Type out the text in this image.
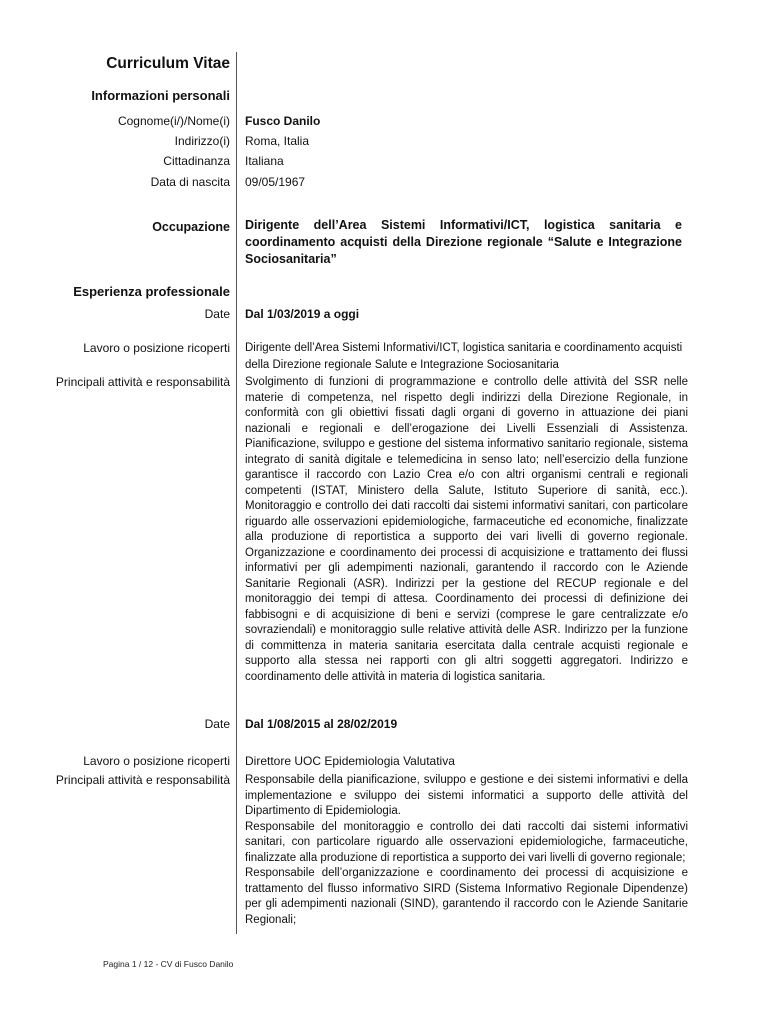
Curriculum Vitae
Informazioni personali
Cognome(i/)/Nome(i) Fusco Danilo
Indirizzo(i) Roma, Italia
Cittadinanza Italiana
Data di nascita 09/05/1967
Occupazione Dirigente dell’Area Sistemi Informativi/ICT, logistica sanitaria e coordinamento acquisti della Direzione regionale “Salute e Integrazione Sociosanitaria”
Esperienza professionale
Date Dal 1/03/2019 a oggi
Lavoro o posizione ricoperti Dirigente dell’Area Sistemi Informativi/ICT, logistica sanitaria e coordinamento acquisti della Direzione regionale Salute e Integrazione Sociosanitaria
Principali attività e responsabilità Svolgimento di funzioni di programmazione e controllo delle attività del SSR nelle materie di competenza, nel rispetto degli indirizzi della Direzione Regionale, in conformità con gli obiettivi fissati dagli organi di governo in attuazione dei piani nazionali e regionali e dell’erogazione dei Livelli Essenziali di Assistenza. Pianificazione, sviluppo e gestione del sistema informativo sanitario regionale, sistema integrato di sanità digitale e telemedicina in senso lato; nell’esercizio della funzione garantisce il raccordo con Lazio Crea e/o con altri organismi centrali e regionali competenti (ISTAT, Ministero della Salute, Istituto Superiore di sanità, ecc.). Monitoraggio e controllo dei dati raccolti dai sistemi informativi sanitari, con particolare riguardo alle osservazioni epidemiologiche, farmaceutiche ed economiche, finalizzate alla produzione di reportistica a supporto dei vari livelli di governo regionale. Organizzazione e coordinamento dei processi di acquisizione e trattamento dei flussi informativi per gli adempimenti nazionali, garantendo il raccordo con le Aziende Sanitarie Regionali (ASR). Indirizzi per la gestione del RECUP regionale e del monitoraggio dei tempi di attesa. Coordinamento dei processi di definizione dei fabbisogni e di acquisizione di beni e servizi (comprese le gare centralizzate e/o sovraziendali) e monitoraggio sulle relative attività delle ASR. Indirizzo per la funzione di committenza in materia sanitaria esercitata dalla centrale acquisti regionale e supporto alla stessa nei rapporti con gli altri soggetti aggregatori. Indirizzo e coordinamento delle attività in materia di logistica sanitaria.

Date Dal 1/08/2015 al 28/02/2019
Lavoro o posizione ricoperti Direttore UOC Epidemiologia Valutativa
Principali attività e responsabilità Responsabile della pianificazione, sviluppo e gestione e dei sistemi informativi e della implementazione e sviluppo dei sistemi informatici a supporto delle attività del Dipartimento di Epidemiologia.

Responsabile del monitoraggio e controllo dei dati raccolti dai sistemi informativi sanitari, con particolare riguardo alle osservazioni epidemiologiche, farmaceutiche, finalizzate alla produzione di reportistica a supporto dei vari livelli di governo regionale;

Responsabile dell’organizzazione e coordinamento dei processi di acquisizione e trattamento del flusso informativo SIRD (Sistema Informativo Regionale Dipendenze) per gli adempimenti nazionali (SIND), garantendo il raccordo con le Aziende Sanitarie Regionali;

Pagina 1 / 12 - CV di Fusco Danilo
